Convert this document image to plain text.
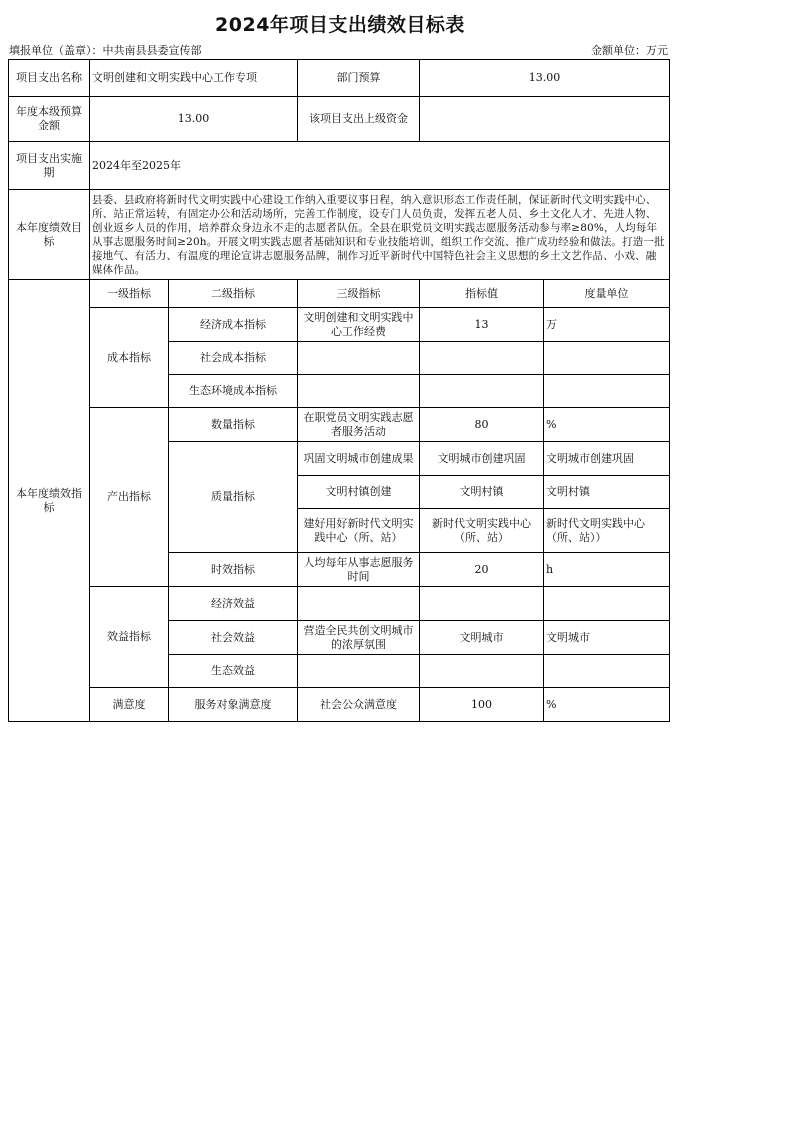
2024年项目支出绩效目标表
填报单位（盖章）：中共南县县委宣传部	金额单位：万元
项目支出名称	文明创建和文明实践中心工作专项		部门预算	13.00	
年度本级预算金额	13.00		该项目支出上级资金		
项目支出实施期	2024年至2025年				
本年度绩效目标	县委、县政府将新时代文明实践中心建设工作纳入重要议事日程，纳入意识形态工作责任制，保证新时代文明实践中心、所、站正常运转，有固定办公和活动场所，完善工作制度，设专门人员负责，发挥五老人员、乡土文化人才、先进人物、创业返乡人员的作用，培养群众身边永不走的志愿者队伍。全县在职党员文明实践志愿服务活动参与率≥80%，人均每年从事志愿服务时间≥20h。开展文明实践志愿者基础知识和专业技能培训，组织工作交流、推广成功经验和做法。打造一批接地气、有活力、有温度的理论宣讲志愿服务品牌，制作习近平新时代中国特色社会主义思想的乡土文艺作品、小戏、融媒体作品。				
本年度绩效指标	一级指标	二级指标	三级指标	指标值	度量单位
	成本指标	经济成本指标	文明创建和文明实践中心工作经费	13	万
		社会成本指标			
		生态环境成本指标			
	产出指标	数量指标	在职党员文明实践志愿者服务活动	80	%
		质量指标	巩固文明城市创建成果	文明城市创建巩固	文明城市创建巩固
			文明村镇创建	文明村镇	文明村镇
			建好用好新时代文明实践中心（所、站）	新时代文明实践中心（所、站）	新时代文明实践中心（所、站））
		时效指标	人均每年从事志愿服务时间	20	h
	效益指标	经济效益			
		社会效益	营造全民共创文明城市的浓厚氛围	文明城市	文明城市
		生态效益			
	满意度	服务对象满意度	社会公众满意度	100	%
